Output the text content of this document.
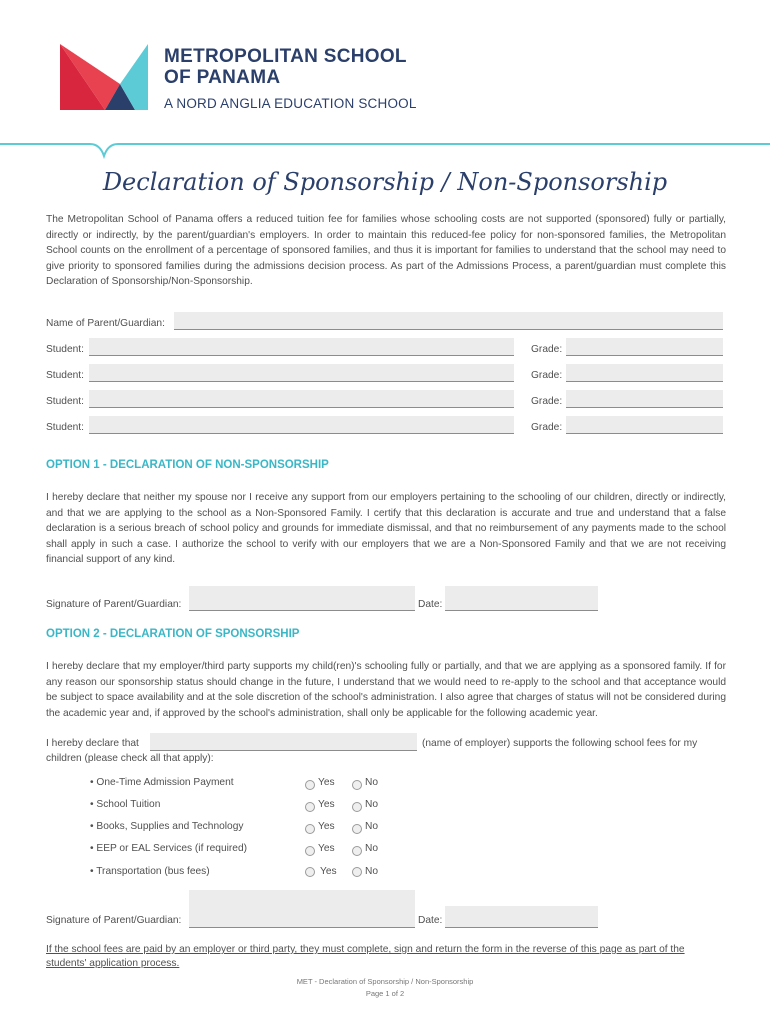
METROPOLITAN SCHOOL
OF PANAMA
A NORD ANGLIA EDUCATION SCHOOL
Declaration of Sponsorship / Non-Sponsorship
The Metropolitan School of Panama offers a reduced tuition fee for families whose schooling costs are not supported (sponsored) fully or partially, directly or indirectly, by the parent/guardian's employers. In order to maintain this reduced-fee policy for non-sponsored families, the Metropolitan School counts on the enrollment of a percentage of sponsored families, and thus it is important for families to understand that the school may need to give priority to sponsored families during the admissions decision process. As part of the Admissions Process, a parent/guardian must complete this Declaration of Sponsorship/Non-Sponsorship.
Name of Parent/Guardian:
Student:	Grade:
Student:	Grade:
Student:	Grade:
Student:	Grade:
OPTION 1 - DECLARATION OF NON-SPONSORSHIP
I hereby declare that neither my spouse nor I receive any support from our employers pertaining to the schooling of our children, directly or indirectly, and that we are applying to the school as a Non-Sponsored Family. I certify that this declaration is accurate and true and understand that a false declaration is a serious breach of school policy and grounds for immediate dismissal, and that no reimbursement of any payments made to the school shall apply in such a case. I authorize the school to verify with our employers that we are a Non-Sponsored Family and that we are not receiving financial support of any kind.
Signature of Parent/Guardian:	Date:
OPTION 2 - DECLARATION OF SPONSORSHIP
I hereby declare that my employer/third party supports my child(ren)'s schooling fully or partially, and that we are applying as a sponsored family. If for any reason our sponsorship status should change in the future, I understand that we would need to re-apply to the school and that acceptance would be subject to space availability and at the sole discretion of the school's administration. I also agree that charges of status will not be considered during the academic year and, if approved by the school's administration, shall only be applicable for the following academic year.
I hereby declare that	(name of employer) supports the following school fees for my
children (please check all that apply):
• One-Time Admission Payment	Yes	No
• School Tuition	Yes	No
• Books, Supplies and Technology	Yes	No
• EEP or EAL Services (if required)	Yes	No
• Transportation (bus fees)	Yes	No
Signature of Parent/Guardian:	Date:
If the school fees are paid by an employer or third party, they must complete, sign and return the form in the reverse of this page as part of the students' application process.
MET - Declaration of Sponsorship / Non-Sponsorship
Page 1 of 2
